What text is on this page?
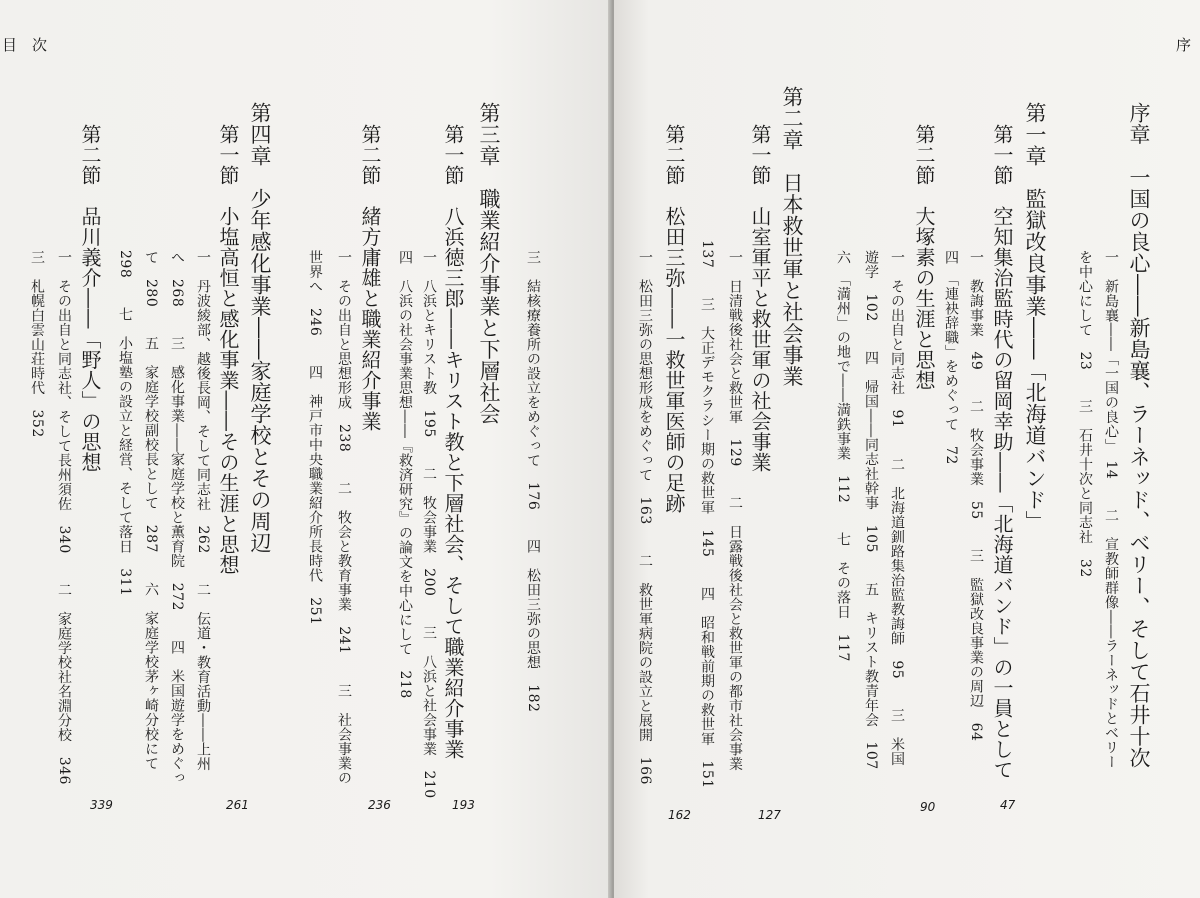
目　次
三　結核療養所の設立をめぐって　176　　四　松田三弥の思想　182
第三章　職業紹介事業と下層社会
193
第一節　八浜徳三郎――キリスト教と下層社会、そして職業紹介事業
一　八浜とキリスト教　195　　二　牧会事業　200　　三　八浜と社会事業　210
四　八浜の社会事業思想――『救済研究』の論文を中心にして　218
第二節　緒方庸雄と職業紹介事業
236
一　その出自と思想形成　238　　二　牧会と教育事業　241　　三　社会事業の
世界へ　246　　四　神戸市中央職業紹介所長時代　251
第四章　少年感化事業――家庭学校とその周辺
第一節　小塩高恒と感化事業――その生涯と思想
261
一　丹波綾部、越後長岡、そして同志社　262　　二　伝道・教育活動――上州
へ　268　　三　感化事業――家庭学校と薫育院　272　　四　米国遊学をめぐっ
て　280　　五　家庭学校副校長として　287　　六　家庭学校茅ヶ崎分校にて
298　　七　小塩塾の設立と経営、そして落日　311
第二節　品川義介――「野人」の思想
339
一　その出自と同志社、そして長州須佐　340　　二　家庭学校社名淵分校　346
三　札幌白雲山荘時代　352
序
序章　一国の良心――新島襄、ラーネッド、ベリー、そして石井十次
一　新島襄――「一国の良心」　14　　二　宣教師群像――ラーネッドとベリー
を中心にして　23　　三　石井十次と同志社　32
第一章　監獄改良事業――「北海道バンド」
47
第一節　空知集治監時代の留岡幸助――「北海道バンド」の一員として
一　教誨事業　49　　二　牧会事業　55　　三　監獄改良事業の周辺　64
四　「連袂辞職」をめぐって　72
第二節　大塚素の生涯と思想
90
一　その出自と同志社　91　　二　北海道釧路集治監教誨師　95　　三　米国
遊学　102　　四　帰国――同志社幹事　105　　五　キリスト教青年会　107
六　「満州」の地で――満鉄事業　112　　七　その落日　117
第二章　日本救世軍と社会事業
127
第一節　山室軍平と救世軍の社会事業
一　日清戦後社会と救世軍　129　　二　日露戦後社会と救世軍の都市社会事業
137　　三　大正デモクラシー期の救世軍　145　　四　昭和戦前期の救世軍　151
第二節　松田三弥――一救世軍医師の足跡
162
一　松田三弥の思想形成をめぐって　163　　二　救世軍病院の設立と展開　166
